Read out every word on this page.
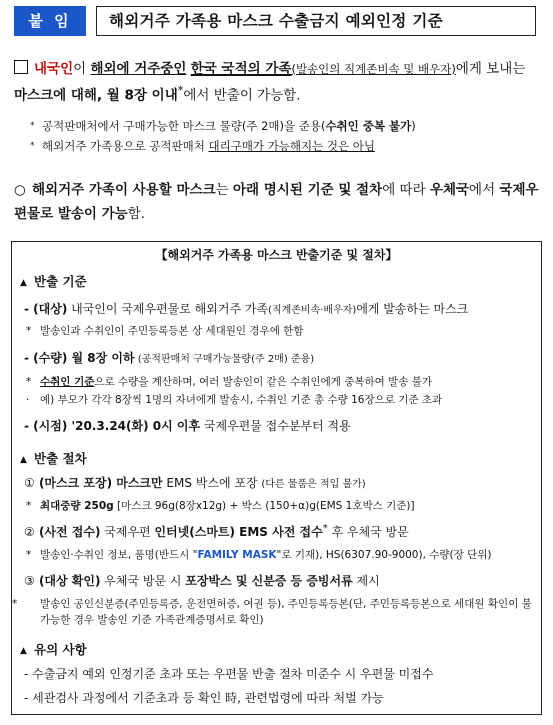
붙 임	해외거주 가족용 마스크 수출금지 예외인정 기준
내국인이 해외에 거주중인 한국 국적의 가족(발송인의 직계존비속 및 배우자)에게 보내는 마스크에 대해, 월 8장 이내*에서 반출이 가능함.
* 공적판매처에서 구매가능한 마스크 물량(주 2매)을 준용(수취인 중복 불가)
* 해외거주 가족용으로 공적판매처 대리구매가 가능해지는 것은 아님
○ 해외거주 가족이 사용할 마스크는 아래 명시된 기준 및 절차에 따라 우체국에서 국제우편물로 발송이 가능함.
【해외거주 가족용 마스크 반출기준 및 절차】
▲ 반출 기준
- (대상) 내국인이 국제우편물로 해외거주 가족(직계존비속·배우자)에게 발송하는 마스크
* 발송인과 수취인이 주민등록등본 상 세대원인 경우에 한함
- (수량) 월 8장 이하 (공적판매처 구매가능물량(주 2매) 준용)
* 수취인 기준으로 수량을 계산하며, 여러 발송인이 같은 수취인에게 중복하여 발송 불가
· 예) 부모가 각각 8장씩 1명의 자녀에게 발송시, 수취인 기준 총 수량 16장으로 기준 초과
- (시점) '20.3.24(화) 0시 이후 국제우편물 접수분부터 적용
▲ 반출 절차
① (마스크 포장) 마스크만 EMS 박스에 포장 (다른 물품은 적입 불가)
* 최대중량 250g [마스크 96g(8장x12g) + 박스 (150+α)g(EMS 1호박스 기준)]
② (사전 접수) 국제우편 인터넷(스마트) EMS 사전 접수* 후 우체국 방문
* 발송인·수취인 정보, 품명(반드시 "FAMILY MASK"로 기재), HS(6307.90-9000), 수량(장 단위)
③ (대상 확인) 우체국 방문 시 포장박스 및 신분증 등 증빙서류 제시
* 발송인 공인신분증(주민등록증, 운전면허증, 여권 등), 주민등록등본(단, 주민등록등본으로 세대원 확인이 불가능한 경우 발송인 기준 가족관계증명서로 확인)
▲ 유의 사항
- 수출금지 예외 인정기준 초과 또는 우편물 반출 절차 미준수 시 우편물 미접수
- 세관검사 과정에서 기준초과 등 확인 時, 관련법령에 따라 처벌 가능
